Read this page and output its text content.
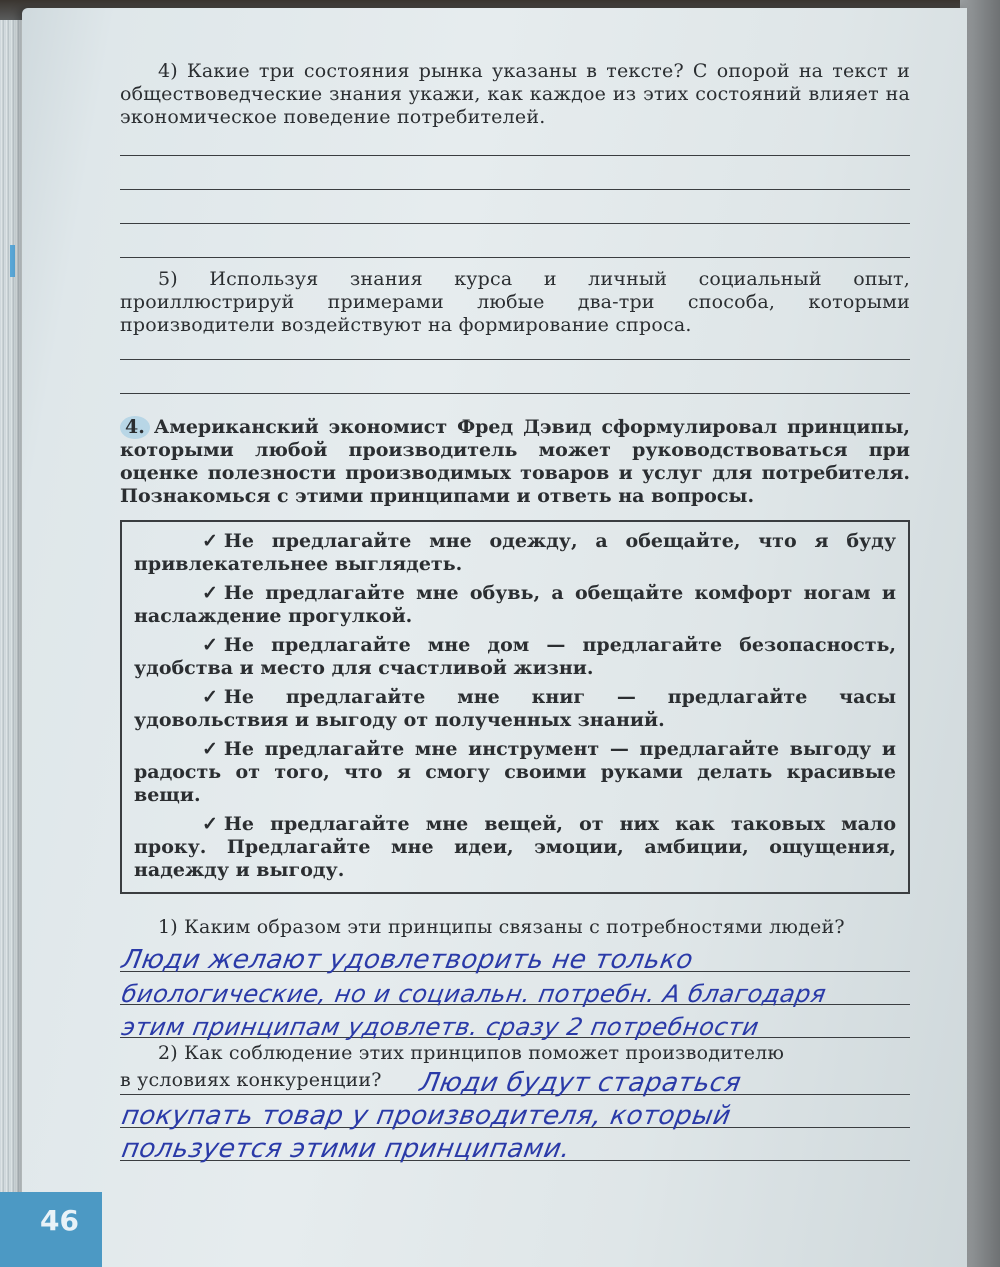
4) Какие три состояния рынка указаны в тексте? С опорой на текст и обществоведческие знания укажи, как каждое из этих состояний влияет на экономическое поведение потребителей.

5) Используя знания курса и личный социальный опыт, проиллюстрируй примерами любые два-три способа, которыми производители воздействуют на формирование спроса.

4. Американский экономист Фред Дэвид сформулировал принципы, которыми любой производитель может руководствоваться при оценке полезности производимых товаров и услуг для потребителя. Познакомься с этими принципами и ответь на вопросы.

✓ Не предлагайте мне одежду, а обещайте, что я буду привлекательнее выглядеть.

✓ Не предлагайте мне обувь, а обещайте комфорт ногам и наслаждение прогулкой.

✓ Не предлагайте мне дом — предлагайте безопасность, удобства и место для счастливой жизни.

✓ Не предлагайте мне книг — предлагайте часы удовольствия и выгоду от полученных знаний.

✓ Не предлагайте мне инструмент — предлагайте выгоду и радость от того, что я смогу своими руками делать красивые вещи.

✓ Не предлагайте мне вещей, от них как таковых мало проку. Предлагайте мне идеи, эмоции, амбиции, ощущения, надежду и выгоду.

1) Каким образом эти принципы связаны с потребностями людей?

Люди желают удовлетворить не только
биологические, но и социальн. потребн. А благодаря
этим принципам удовлетв. сразу 2 потребности

2) Как соблюдение этих принципов поможет производителю

в условиях конкуренции? Люди будут стараться
покупать товар у производителя, который
пользуется этими принципами.
46
